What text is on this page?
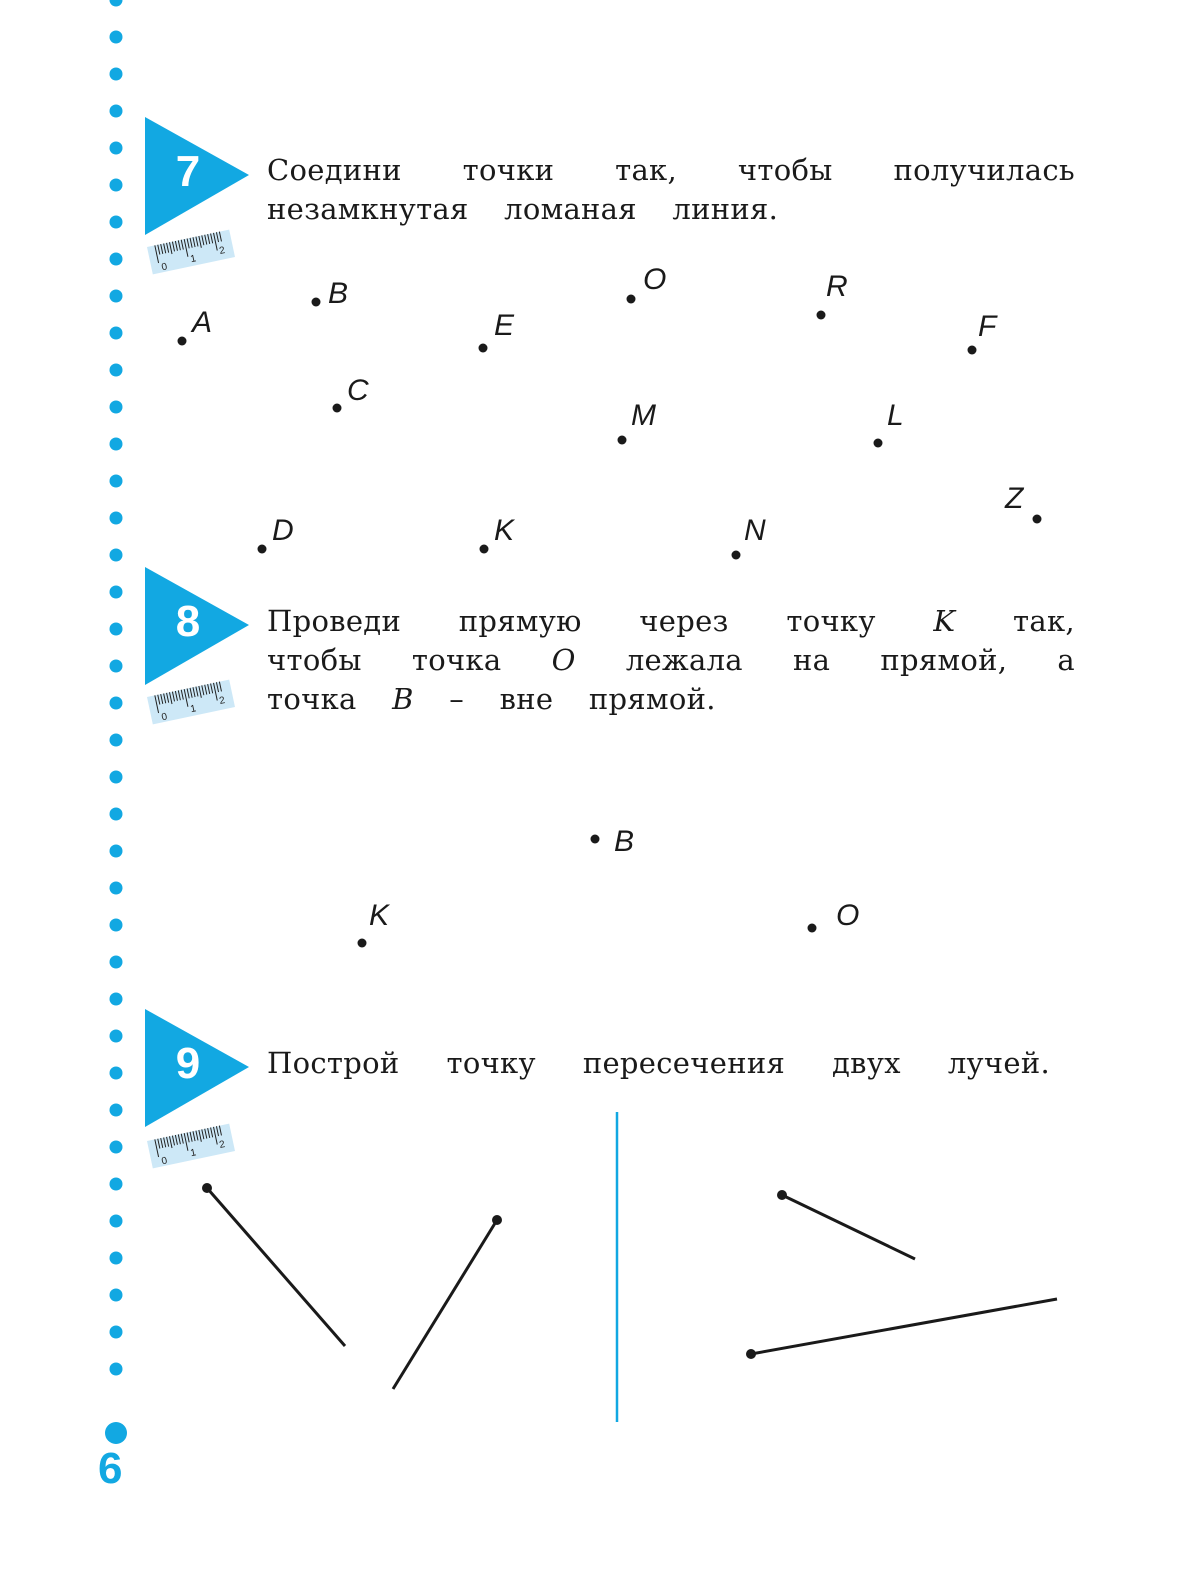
6
7
0
1
2
Соедини точки так, чтобы получилась
незамкнутая ломаная линия.
8
0
1
2
Проведи прямую через точку K так,
чтобы точка O лежала на прямой, а
точка B – вне прямой.
9
0
1
2
Построй точку пересечения двух лучей.
A
B
C
D
E
K
O
M
N
R
L
F
Z
B
K	O
